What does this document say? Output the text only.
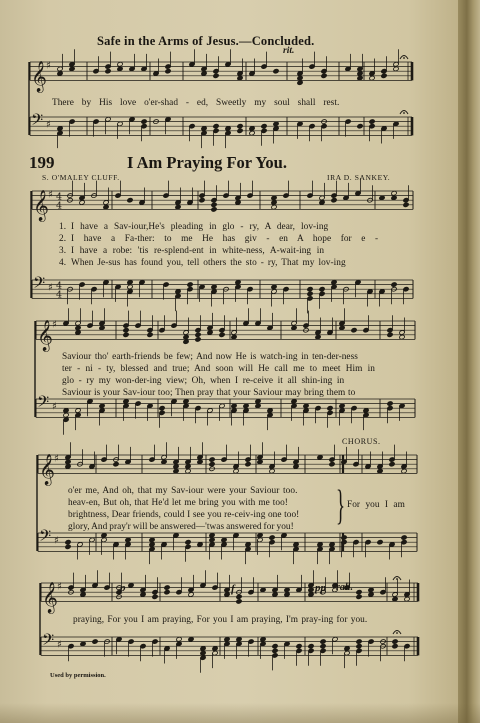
𝄞 ♯
𝄢 ♯
𝄞 ♯ 4
4
𝄢 ♯ 4
4
𝄞 ♯
𝄢 ♯
𝄞 ♯
𝄢 ♯
𝄞 ♯
𝄢 ♯
Safe in the Arms of Jesus.—Concluded.
rit.
There by His love o'er-shad - ed, Sweetly my soul shall rest.
199	I Am Praying For You.
S. O'MALEY CLUFF.	IRA D. SANKEY.
1. I have a Sav-iour,He's pleading in glo - ry, A dear, lov-ing
2. I have a Fa-ther: to me He has giv - en A hope for e -
3. I have a robe: 'tis re-splend-ent in white-ness, A-wait-ing in
4. When Je-sus has found you, tell others the sto - ry, That my lov-ing
Saviour tho' earth-friends be few; And now He is watch-ing in ten-der-ness
ter - ni - ty, blessed and true; And soon will He call me to meet Him in
glo - ry my won-der-ing view; Oh, when I re-ceive it all shin-ing in
Saviour is your Sav-iour too; Then pray that your Saviour may bring them to
CHORUS.
o'er me, And oh, that my Sav-iour were your Saviour too.
heav-en, But oh, that He'd let me bring you with me too!
brightness, Dear friends, could I see you re-ceiv-ing one too!
glory, And pray'r will be answered—'twas answered for you! } For you I am
p	f	pp rall.
praying, For you I am praying, For you I am praying, I'm pray-ing for you.
Used by permission.
